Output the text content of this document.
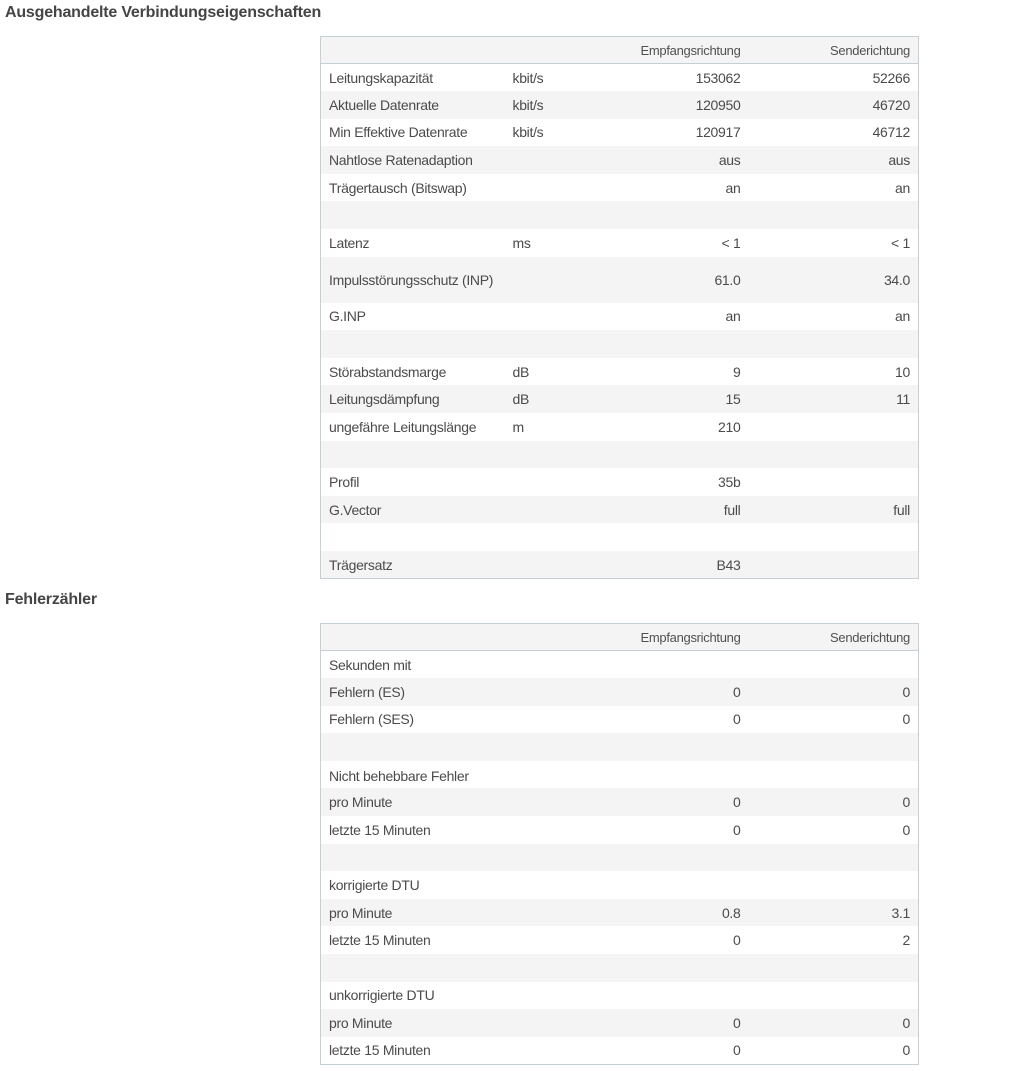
Ausgehandelte Verbindungseigenschaften
		Empfangsrichtung	Senderichtung
Leitungskapazität	kbit/s	153062	52266
Aktuelle Datenrate	kbit/s	120950	46720
Min Effektive Datenrate	kbit/s	120917	46712
Nahtlose Ratenadaption		aus	aus
Trägertausch (Bitswap)		an	an

Latenz	ms	< 1	< 1
Impulsstörungsschutz (INP)		61.0	34.0
G.INP		an	an

Störabstandsmarge	dB	9	10
Leitungsdämpfung	dB	15	11
ungefähre Leitungslänge	m	210	

Profil		35b	
G.Vector		full	full

Trägersatz		B43	
Fehlerzähler
		Empfangsrichtung	Senderichtung
Sekunden mit			
Fehlern (ES)		0	0
Fehlern (SES)		0	0

Nicht behebbare Fehler			

pro Minute		0	0
letzte 15 Minuten		0	0

korrigierte DTU			
pro Minute		0.8	3.1
letzte 15 Minuten		0	2

unkorrigierte DTU			
pro Minute		0	0
letzte 15 Minuten		0	0
